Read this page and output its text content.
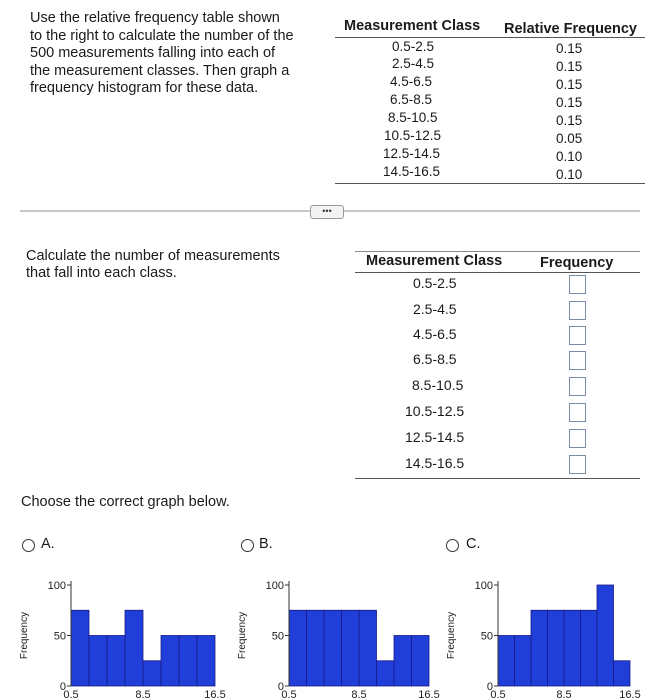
Use the relative frequency table shown
to the right to calculate the number of the
500 measurements falling into each of
the measurement classes. Then graph a
frequency histogram for these data.
Measurement Class Relative Frequency
0.5-2.5	0.15
2.5-4.5	0.15
4.5-6.5	0.15
6.5-8.5	0.15
8.5-10.5	0.15
10.5-12.5	0.05
12.5-14.5	0.10
14.5-16.5	0.10
•••
Calculate the number of measurements
that fall into each class.
Measurement Class	Frequency
0.5-2.5
2.5-4.5
4.5-6.5
6.5-8.5
8.5-10.5
10.5-12.5
12.5-14.5
14.5-16.5
Choose the correct graph below.
A.	B.	C.
Frequency
100
50
0
0.5	8.5	16.5
Frequency
100
50
0
0.5	8.5	16.5
Frequency
100
50
0
0.5	8.5	16.5
